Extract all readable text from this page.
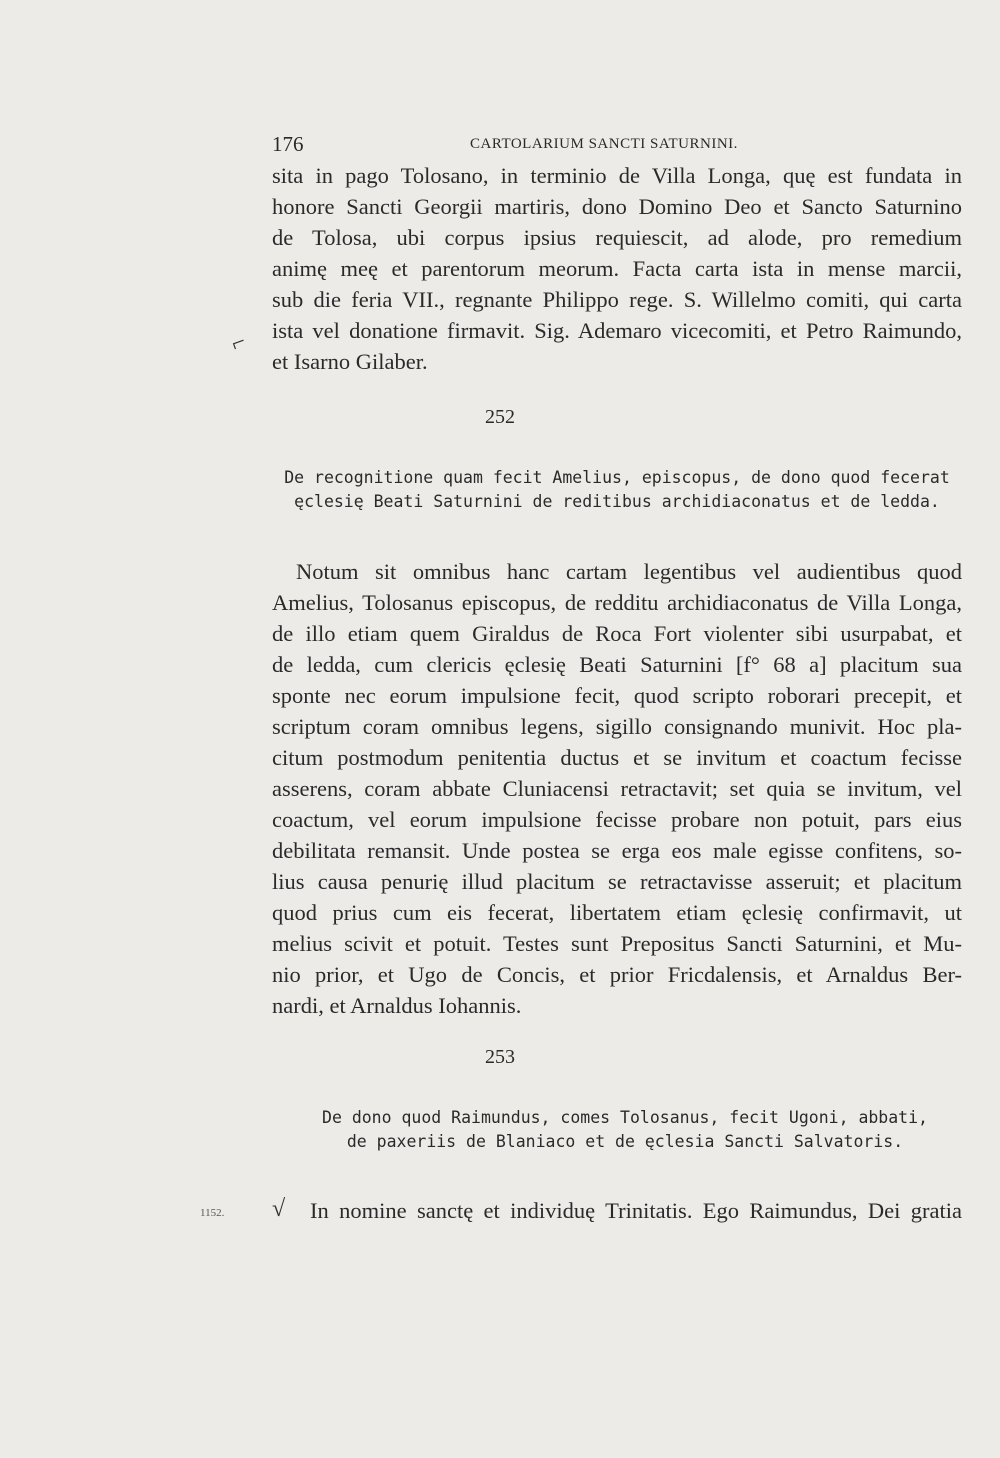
176	CARTOLARIUM SANCTI SATURNINI.
⌐
sita in pago Tolosano, in terminio de Villa Longa, quę est fundata in
honore Sancti Georgii martiris, dono Domino Deo et Sancto Saturnino
de Tolosa, ubi corpus ipsius requiescit, ad alode, pro remedium
animę meę et parentorum meorum. Facta carta ista in mense marcii,
sub die feria VII., regnante Philippo rege. S. Willelmo comiti, qui carta
ista vel donatione firmavit. Sig. Ademaro vicecomiti, et Petro Raimundo,
et Isarno Gilaber.
252
De recognitione quam fecit Amelius, episcopus, de dono quod fecerat
ęclesię Beati Saturnini de reditibus archidiaconatus et de ledda.
Notum sit omnibus hanc cartam legentibus vel audientibus quod
Amelius, Tolosanus episcopus, de redditu archidiaconatus de Villa Longa,
de illo etiam quem Giraldus de Roca Fort violenter sibi usurpabat, et
de ledda, cum clericis ęclesię Beati Saturnini [f° 68 a] placitum sua
sponte nec eorum impulsione fecit, quod scripto roborari precepit, et
scriptum coram omnibus legens, sigillo consignando munivit. Hoc pla-
citum postmodum penitentia ductus et se invitum et coactum fecisse
asserens, coram abbate Cluniacensi retractavit; set quia se invitum, vel
coactum, vel eorum impulsione fecisse probare non potuit, pars eius
debilitata remansit. Unde postea se erga eos male egisse confitens, so-
lius causa penurię illud placitum se retractavisse asseruit; et placitum
quod prius cum eis fecerat, libertatem etiam ęclesię confirmavit, ut
melius scivit et potuit. Testes sunt Prepositus Sancti Saturnini, et Mu-
nio prior, et Ugo de Concis, et prior Fricdalensis, et Arnaldus Ber-
nardi, et Arnaldus Iohannis.
253
De dono quod Raimundus, comes Tolosanus, fecit Ugoni, abbati,
de paxeriis de Blaniaco et de ęclesia Sancti Salvatoris.
1152. √ In nomine sanctę et individuę Trinitatis. Ego Raimundus, Dei gratia
